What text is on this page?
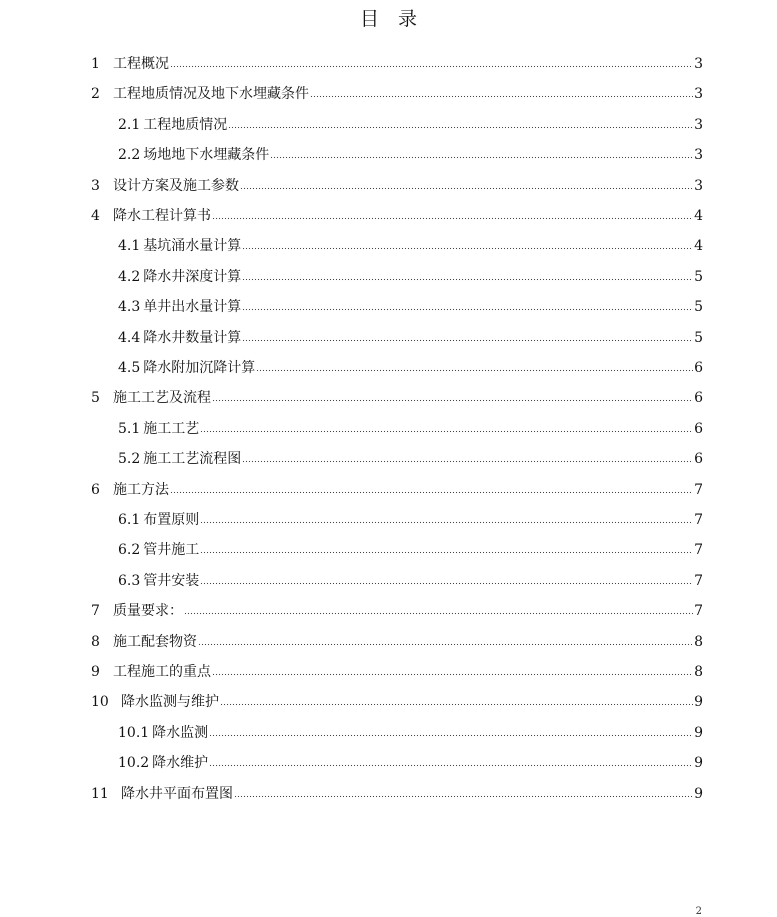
目　录
1 工程概况	3
2 工程地质情况及地下水埋藏条件	3
2.1 工程地质情况	3
2.2 场地地下水埋藏条件	3
3 设计方案及施工参数	3
4 降水工程计算书	4
4.1 基坑涌水量计算	4
4.2 降水井深度计算	5
4.3 单井出水量计算	5
4.4 降水井数量计算	5
4.5 降水附加沉降计算	6
5 施工工艺及流程	6
5.1 施工工艺	6
5.2 施工工艺流程图	6
6 施工方法	7
6.1 布置原则	7
6.2 管井施工	7
6.3 管井安装	7
7 质量要求：	7
8 施工配套物资	8
9 工程施工的重点	8
10 降水监测与维护	9
10.1 降水监测	9
10.2 降水维护	9
11 降水井平面布置图	9
2
